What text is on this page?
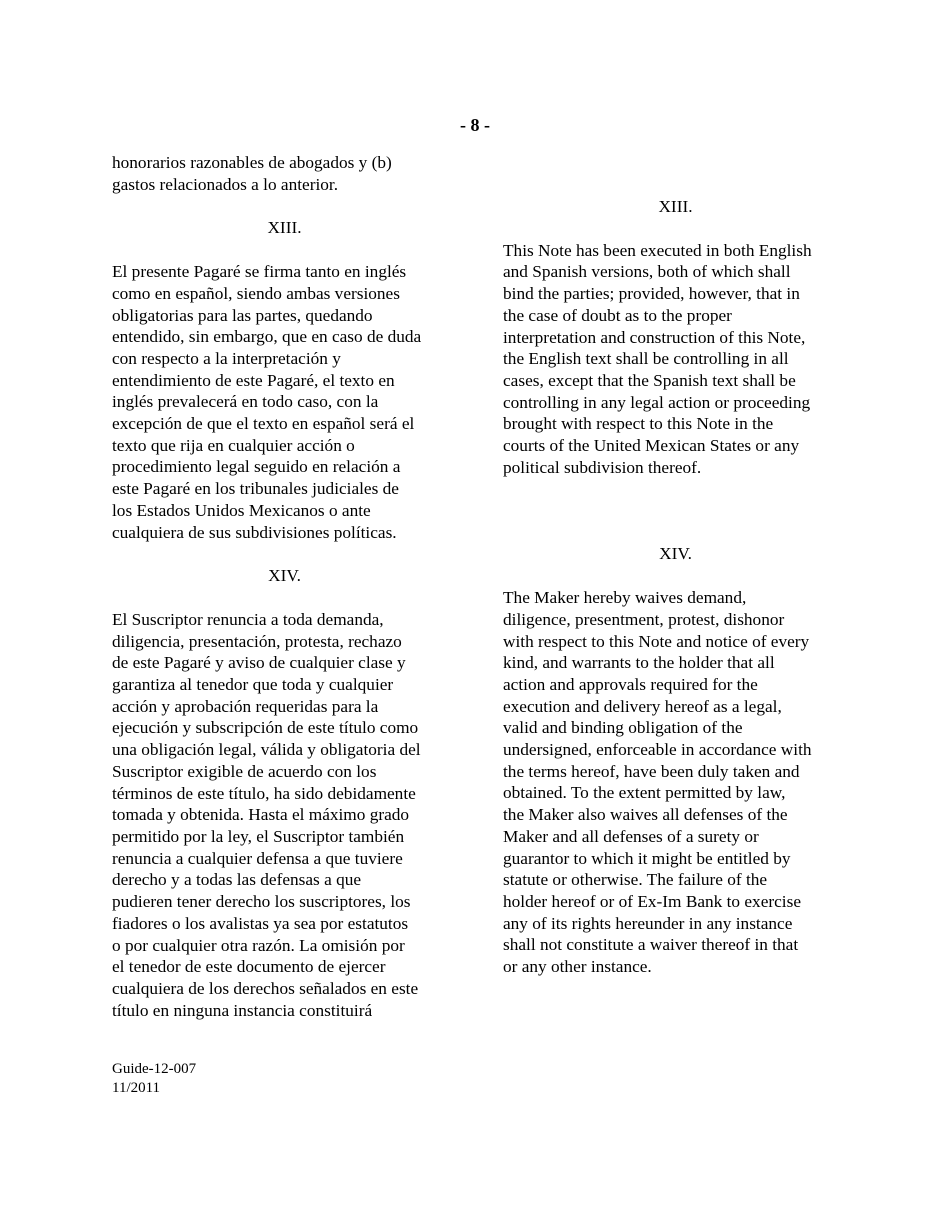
- 8 -

honorarios razonables de abogados y (b)
gastos relacionados a lo anterior.

XIII.

El presente Pagaré se firma tanto en inglés
como en español, siendo ambas versiones
obligatorias para las partes, quedando
entendido, sin embargo, que en caso de duda
con respecto a la interpretación y
entendimiento de este Pagaré, el texto en
inglés prevalecerá en todo caso, con la
excepción de que el texto en español será el
texto que rija en cualquier acción o
procedimiento legal seguido en relación a
este Pagaré en los tribunales judiciales de
los Estados Unidos Mexicanos o ante
cualquiera de sus subdivisiones políticas.

XIV.

El Suscriptor renuncia a toda demanda,
diligencia, presentación, protesta, rechazo
de este Pagaré y aviso de cualquier clase y
garantiza al tenedor que toda y cualquier
acción y aprobación requeridas para la
ejecución y subscripción de este título como
una obligación legal, válida y obligatoria del
Suscriptor exigible de acuerdo con los
términos de este título, ha sido debidamente
tomada y obtenida. Hasta el máximo grado
permitido por la ley, el Suscriptor también
renuncia a cualquier defensa a que tuviere
derecho y a todas las defensas a que
pudieren tener derecho los suscriptores, los
fiadores o los avalistas ya sea por estatutos
o por cualquier otra razón. La omisión por
el tenedor de este documento de ejercer
cualquiera de los derechos señalados en este
título en ninguna instancia constituirá

XIII.

This Note has been executed in both English
and Spanish versions, both of which shall
bind the parties; provided, however, that in
the case of doubt as to the proper
interpretation and construction of this Note,
the English text shall be controlling in all
cases, except that the Spanish text shall be
controlling in any legal action or proceeding
brought with respect to this Note in the
courts of the United Mexican States or any
political subdivision thereof.

XIV.

The Maker hereby waives demand,
diligence, presentment, protest, dishonor
with respect to this Note and notice of every
kind, and warrants to the holder that all
action and approvals required for the
execution and delivery hereof as a legal,
valid and binding obligation of the
undersigned, enforceable in accordance with
the terms hereof, have been duly taken and
obtained. To the extent permitted by law,
the Maker also waives all defenses of the
Maker and all defenses of a surety or
guarantor to which it might be entitled by
statute or otherwise. The failure of the
holder hereof or of Ex-Im Bank to exercise
any of its rights hereunder in any instance
shall not constitute a waiver thereof in that
or any other instance.

Guide-12-007
11/2011
